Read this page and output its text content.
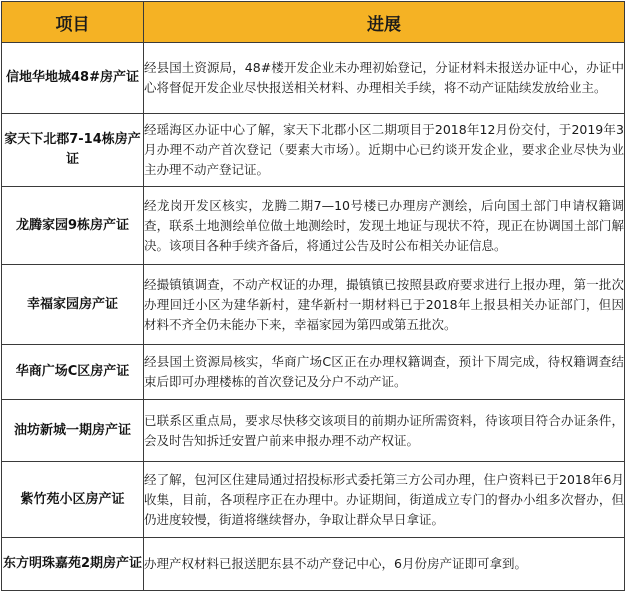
项目	进展
信地华地城48#房产证	经县国土资源局，48#楼开发企业未办理初始登记，分证材料未报送办证中心，办证中心将督促开发企业尽快报送相关材料、办理相关手续，将不动产证陆续发放给业主。
家天下北郡7-14栋房产证	经瑶海区办证中心了解，家天下北郡小区二期项目于2018年12月份交付，于2019年3月办理不动产首次登记（要素大市场）。近期中心已约谈开发企业，要求企业尽快为业主办理不动产登记证。
龙腾家园9栋房产证	经龙岗开发区核实，龙腾二期7—10号楼已办理房产测绘，后向国土部门申请权籍调查，联系土地测绘单位做土地测绘时，发现土地证与现状不符，现正在协调国土部门解决。该项目各种手续齐备后，将通过公告及时公布相关办证信息。
幸福家园房产证	经撮镇镇调查，不动产权证的办理，撮镇镇已按照县政府要求进行上报办理，第一批次办理回迁小区为建华新村，建华新村一期材料已于2018年上报县相关办证部门，但因材料不齐全仍未能办下来，幸福家园为第四或第五批次。
华商广场C区房产证	经县国土资源局核实，华商广场C区正在办理权籍调查，预计下周完成，待权籍调查结束后即可办理楼栋的首次登记及分户不动产证。
油坊新城一期房产证	已联系区重点局，要求尽快移交该项目的前期办证所需资料，待该项目符合办证条件，会及时告知拆迁安置户前来申报办理不动产权证。
紫竹苑小区房产证	经了解，包河区住建局通过招投标形式委托第三方公司办理，住户资料已于2018年6月收集，目前，各项程序正在办理中。办证期间，街道成立专门的督办小组多次督办，但仍进度较慢，街道将继续督办，争取让群众早日拿证。
东方明珠嘉苑2期房产证	办理产权材料已报送肥东县不动产登记中心，6月份房产证即可拿到。
